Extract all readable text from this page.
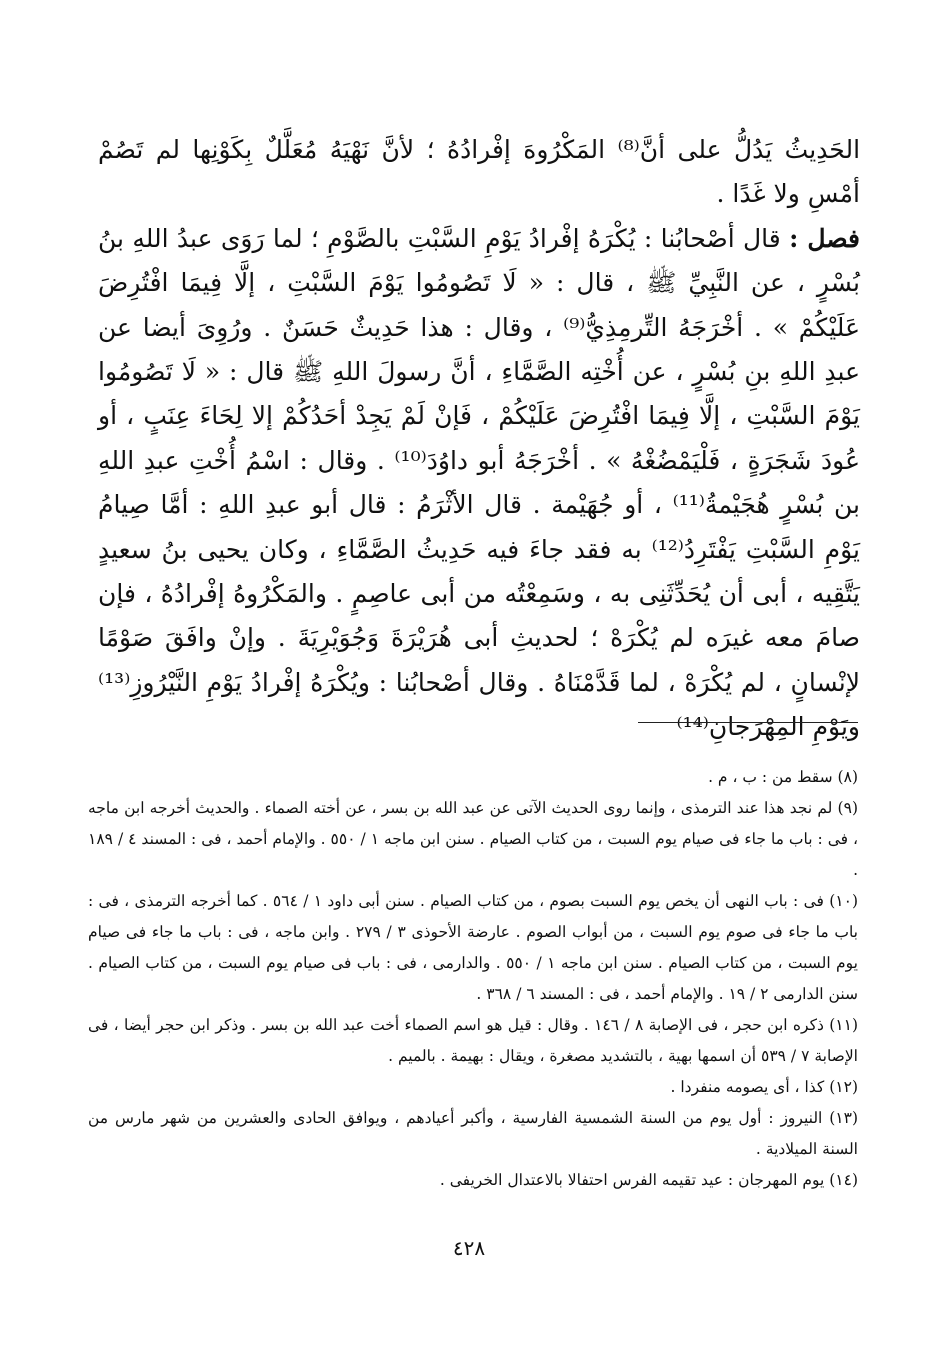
الحَدِيثُ يَدُلُّ على أنَّ⁽⁸⁾ المَكْرُوهَ إفْرادُهُ ؛ لأنَّ نَهْيَهُ مُعَلَّلٌ بِكَوْنِها لم تَصُمْ أمْسِ ولا غَدًا .

فصل : قال أصْحابُنا : يُكْرَهُ إفْرادُ يَوْمِ السَّبْتِ بالصَّوْمِ ؛ لما رَوَى عبدُ اللهِ بنُ بُسْرٍ ، عن النَّبِيِّ ﷺ ، قال : « لَا تَصُومُوا يَوْمَ السَّبْتِ ، إلَّا فِيمَا افْتُرِضَ عَلَيْكُمْ » . أخْرَجَهُ التِّرمِذِيُّ⁽⁹⁾ ، وقال : هذا حَدِيثٌ حَسَنٌ . ورُوِىَ أيضا عن عبدِ اللهِ بنِ بُسْرٍ ، عن أُخْتِه الصَّمَّاءِ ، أنَّ رسولَ اللهِ ﷺ قال : « لَا تَصُومُوا يَوْمَ السَّبْتِ ، إلَّا فِيمَا افْتُرِضَ عَلَيْكُمْ ، فَإنْ لَمْ يَجِدْ أحَدُكُمْ إلا لِحَاءَ عِنَبٍ ، أو عُودَ شَجَرَةٍ ، فَلْيَمْضُغْهُ » . أخْرَجَهُ أبو داوُدَ⁽¹⁰⁾ . وقال : اسْمُ أُخْتِ عبدِ اللهِ بن بُسْرٍ هُجَيْمةُ⁽¹¹⁾ ، أو جُهَيْمة . قال الأثْرَمُ : قال أبو عبدِ اللهِ : أمَّا صِيامُ يَوْمِ السَّبْتِ يَفْتَرِدُ⁽¹²⁾ به فقد جاءَ فيه حَدِيثُ الصَّمَّاءِ ، وكان يحيى بنُ سعيدٍ يَتَّقِيه ، أبى أن يُحَدِّثَنِى به ، وسَمِعْتُه من أبى عاصِمٍ . والمَكْرُوهُ إفْرادُهُ ، فإن صامَ معه غيرَه لم يُكْرَهْ ؛ لحديثِ أبى هُرَيْرَةَ وَجُوَيْرِيَةَ . وإنْ وافَقَ صَوْمًا لإنْسانٍ ، لم يُكْرَهْ ، لما قَدَّمْنَاهُ . وقال أصْحابُنا : ويُكْرَهُ إفْرادُ يَوْمِ النَّيْرُوزِ⁽¹³⁾ ويَوْمِ المِهْرَجانِ⁽¹⁴⁾

(٨) سقط من : ب ، م .

(٩) لم نجد هذا عند الترمذى ، وإنما روى الحديث الآتى عن عبد الله بن بسر ، عن أخته الصماء . والحديث أخرجه ابن ماجه ، فى : باب ما جاء فى صيام يوم السبت ، من كتاب الصيام . سنن ابن ماجه ١ / ٥٥٠ . والإمام أحمد ، فى : المسند ٤ / ١٨٩ .

(١٠) فى : باب النهى أن يخص يوم السبت بصوم ، من كتاب الصيام . سنن أبى داود ١ / ٥٦٤ . كما أخرجه الترمذى ، فى : باب ما جاء فى صوم يوم السبت ، من أبواب الصوم . عارضة الأحوذى ٣ / ٢٧٩ . وابن ماجه ، فى : باب ما جاء فى صيام يوم السبت ، من كتاب الصيام . سنن ابن ماجه ١ / ٥٥٠ . والدارمى ، فى : باب فى صيام يوم السبت ، من كتاب الصيام . سنن الدارمى ٢ / ١٩ . والإمام أحمد ، فى : المسند ٦ / ٣٦٨ .

(١١) ذكره ابن حجر ، فى الإصابة ٨ / ١٤٦ . وقال : قيل هو اسم الصماء أخت عبد الله بن بسر . وذكر ابن حجر أيضا ، فى الإصابة ٧ / ٥٣٩ أن اسمها بهية ، بالتشديد مصغرة ، ويقال : بهيمة . بالميم .

(١٢) كذا ، أى يصومه منفردا .

(١٣) النيروز : أول يوم من السنة الشمسية الفارسية ، وأكبر أعيادهم ، ويوافق الحادى والعشرين من شهر مارس من السنة الميلادية .

(١٤) يوم المهرجان : عيد تقيمه الفرس احتفالا بالاعتدال الخريفى .

٤٢٨
